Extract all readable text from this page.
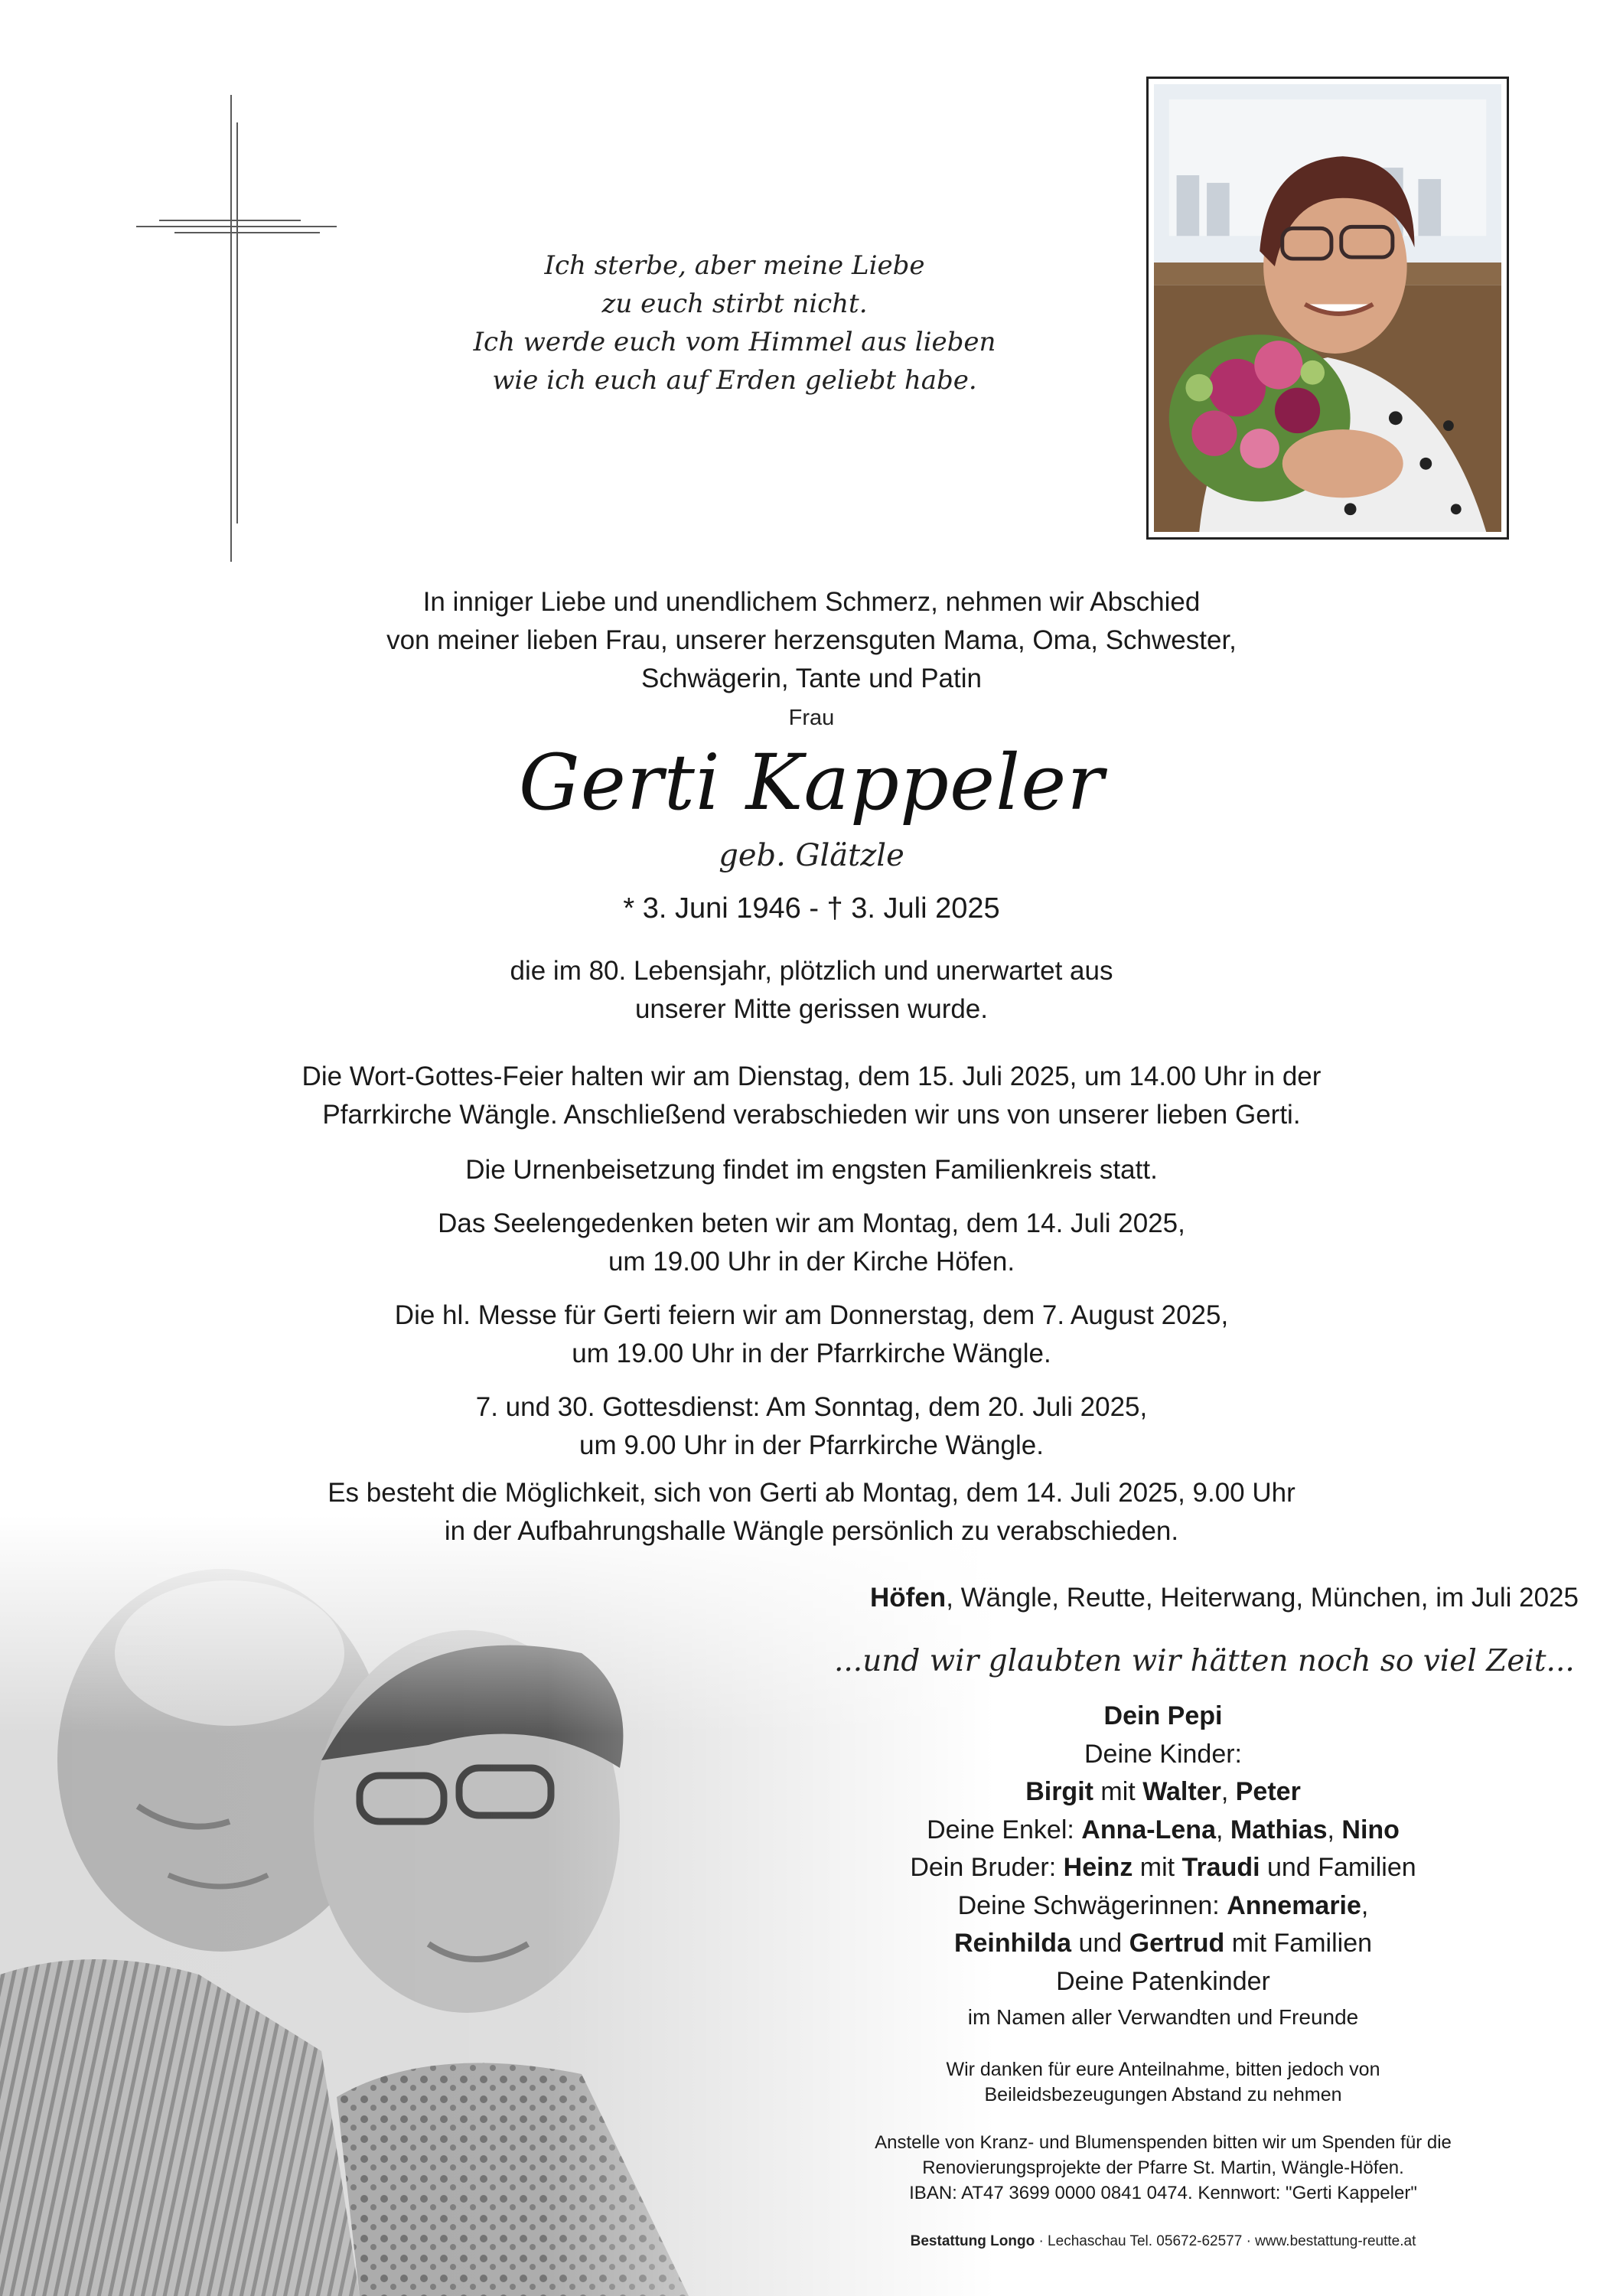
Ich sterbe, aber meine Liebe
zu euch stirbt nicht.
Ich werde euch vom Himmel aus lieben
wie ich euch auf Erden geliebt habe.
In inniger Liebe und unendlichem Schmerz, nehmen wir Abschied
von meiner lieben Frau, unserer herzensguten Mama, Oma, Schwester,
Schwägerin, Tante und Patin
Frau
Gerti Kappeler
geb. Glätzle
* 3. Juni 1946 - † 3. Juli 2025
die im 80. Lebensjahr, plötzlich und unerwartet aus
unserer Mitte gerissen wurde.
Die Wort-Gottes-Feier halten wir am Dienstag, dem 15. Juli 2025, um 14.00 Uhr in der
Pfarrkirche Wängle. Anschließend verabschieden wir uns von unserer lieben Gerti.
Die Urnenbeisetzung findet im engsten Familienkreis statt.
Das Seelengedenken beten wir am Montag, dem 14. Juli 2025,
um 19.00 Uhr in der Kirche Höfen.
Die hl. Messe für Gerti feiern wir am Donnerstag, dem 7. August 2025,
um 19.00 Uhr in der Pfarrkirche Wängle.
7. und 30. Gottesdienst: Am Sonntag, dem 20. Juli 2025,
um 9.00 Uhr in der Pfarrkirche Wängle.
Es besteht die Möglichkeit, sich von Gerti ab Montag, dem 14. Juli 2025, 9.00 Uhr
in der Aufbahrungshalle Wängle persönlich zu verabschieden.
Höfen, Wängle, Reutte, Heiterwang, München, im Juli 2025
...und wir glaubten wir hätten noch so viel Zeit...
Dein Pepi
Deine Kinder:
Birgit mit Walter, Peter
Deine Enkel: Anna-Lena, Mathias, Nino
Dein Bruder: Heinz mit Traudi und Familien
Deine Schwägerinnen: Annemarie,
Reinhilda und Gertrud mit Familien
Deine Patenkinder
im Namen aller Verwandten und Freunde
Wir danken für eure Anteilnahme, bitten jedoch von
Beileidsbezeugungen Abstand zu nehmen
Anstelle von Kranz- und Blumenspenden bitten wir um Spenden für die
Renovierungsprojekte der Pfarre St. Martin, Wängle-Höfen.
IBAN: AT47 3699 0000 0841 0474. Kennwort: "Gerti Kappeler"
Bestattung Longo · Lechaschau Tel. 05672-62577 · www.bestattung-reutte.at
